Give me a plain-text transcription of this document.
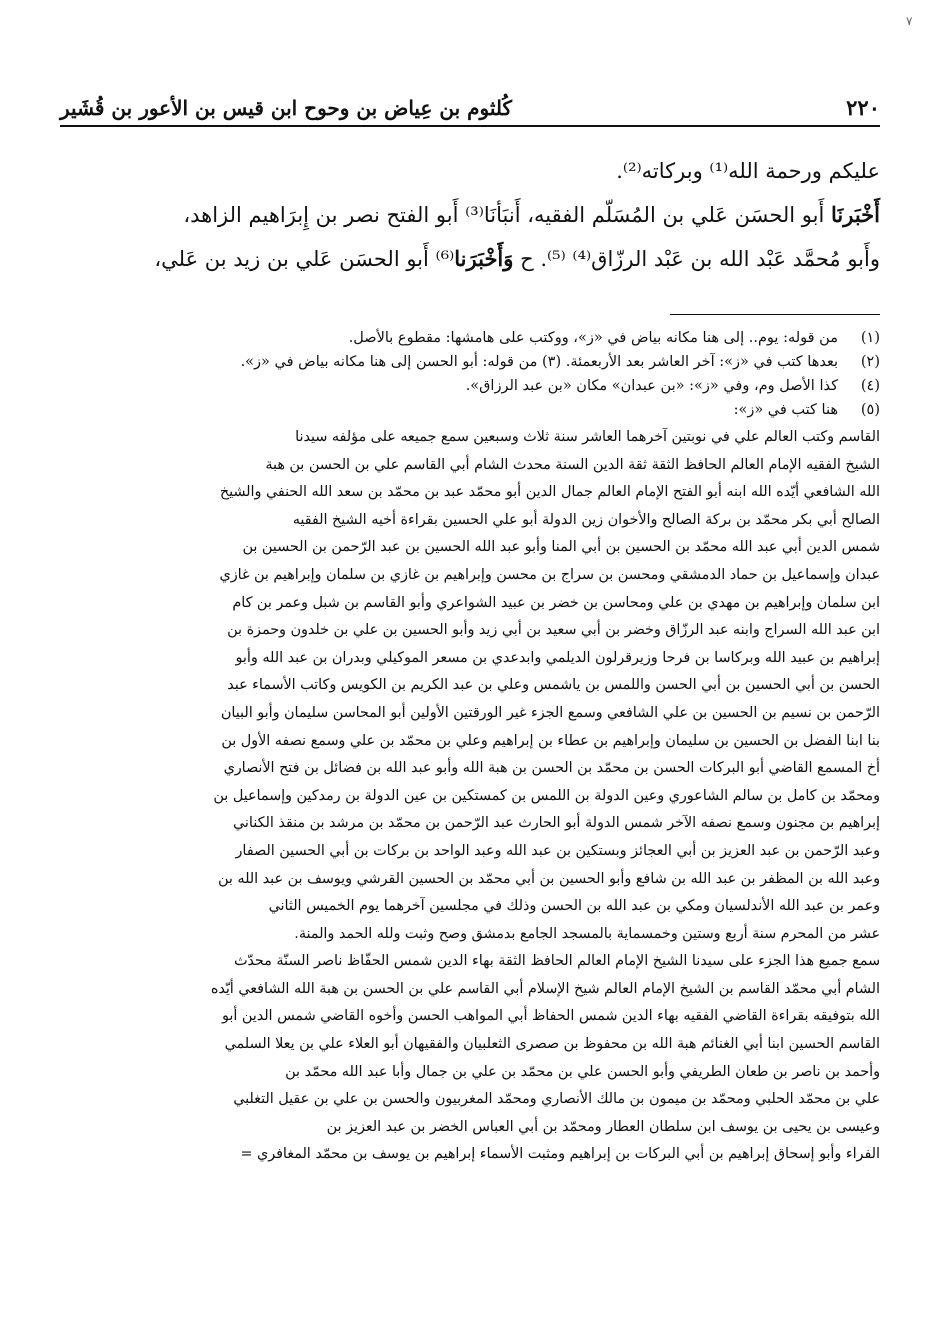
٧
٢٢٠
كُلثوم بن عِياض بن وحوح ابن قيس بن الأعور بن قُشَير

عليكم ورحمة الله⁽¹⁾ وبركاته⁽²⁾.

أَخْبَرنَا أَبو الحسَن عَلي بن المُسَلّم الفقيه، أَنبَأنَا⁽³⁾ أَبو الفتح نصر بن إِبرَاهيم الزاهد،

وأَبو مُحمَّد عَبْد الله بن عَبْد الرزّاق⁽⁴⁾ ⁽⁵⁾. ح وَأَخْبَرَنا⁽⁶⁾ أَبو الحسَن عَلي بن زيد بن عَلي،

(١)
من قوله: يوم.. إلى هنا مكانه بياض في «ز»، ووكتب على هامشها: مقطوع بالأصل.
(٢)
بعدها كتب في «ز»: آخر العاشر بعد الأربعمئة. (٣) من قوله: أبو الحسن إلى هنا مكانه بياض في «ز».
(٤)
كذا الأصل وم، وفي «ز»: «بن عبدان» مكان «بن عبد الرزاق».
(٥)
هنا كتب في «ز»:

القاسم وكتب العالم علي في نوبتين آخرهما العاشر سنة ثلاث وسبعين سمع جميعه على مؤلفه سيدنا

الشيخ الفقيه الإمام العالم الحافظ الثقة ثقة الدين السنة محدث الشام أبي القاسم علي بن الحسن بن هبة

الله الشافعي أيّده الله ابنه أبو الفتح الإمام العالم جمال الدين أبو محمّد عبد بن محمّد بن سعد الله الحنفي والشيخ

الصالح أبي بكر محمّد بن بركة الصالح والأخوان زين الدولة أبو علي الحسين بقراءة أخيه الشيخ الفقيه

شمس الدين أبي عبد الله محمّد بن الحسين بن أبي المنا وأبو عبد الله الحسين بن عبد الرّحمن بن الحسين بن

عبدان وإسماعيل بن حماد الدمشقي ومحسن بن سراج بن محسن وإبراهيم بن غازي بن سلمان وإبراهيم بن غازي

ابن سلمان وإبراهيم بن مهدي بن علي ومحاسن بن خضر بن عبيد الشواعري وأبو القاسم بن شبل وعمر بن كام

ابن عبد الله السراج وابنه عبد الرزّاق وخضر بن أبي سعيد بن أبي زيد وأبو الحسين بن علي بن خلدون وحمزة بن

إبراهيم بن عبيد الله وبركاسا بن فرحا وزيرقرلون الديلمي وابدعدي بن مسعر الموكيلي وبدران بن عبد الله وأبو

الحسن بن أبي الحسين بن أبي الحسن واللمس بن ياشمس وعلي بن عبد الكريم بن الكويس وكاتب الأسماء عبد

الرّحمن بن نسيم بن الحسين بن علي الشافعي وسمع الجزء غير الورقتين الأولين أبو المحاسن سليمان وأبو البيان

بنا ابنا الفضل بن الحسين بن سليمان وإبراهيم بن عطاء بن إبراهيم وعلي بن محمّد بن علي وسمع نصفه الأول بن

أخ المسمع القاضي أبو البركات الحسن بن محمّد بن الحسن بن هبة الله وأبو عبد الله بن فضائل بن فتح الأنصاري

ومحمّد بن كامل بن سالم الشاعوري وعين الدولة بن اللمس بن كمستكين بن عين الدولة بن رمدكين وإسماعيل بن

إبراهيم بن مجنون وسمع نصفه الآخر شمس الدولة أبو الحارث عبد الرّحمن بن محمّد بن مرشد بن منقذ الكناني

وعبد الرّحمن بن عبد العزيز بن أبي العجائز وبستكين بن عبد الله وعبد الواحد بن بركات بن أبي الحسين الصفار

وعبد الله بن المظفر بن عبد الله بن شافع وأبو الحسين بن أبي محمّد بن الحسين القرشي ويوسف بن عبد الله بن

وعمر بن عبد الله الأندلسيان ومكي بن عبد الله بن الحسن وذلك في مجلسين آخرهما يوم الخميس الثاني

عشر من المحرم سنة أربع وستين وخمسماية بالمسجد الجامع بدمشق وصح وثبت ولله الحمد والمنة.

سمع جميع هذا الجزء على سيدنا الشيخ الإمام العالم الحافظ الثقة بهاء الدين شمس الحفّاظ ناصر السنّة محدّث

الشام أبي محمّد القاسم بن الشيخ الإمام العالم شيخ الإسلام أبي القاسم علي بن الحسن بن هبة الله الشافعي أيّده

الله بتوفيقه بقراءة القاضي الفقيه بهاء الدين شمس الحفاظ أبي المواهب الحسن وأخوه القاضي شمس الدين أبو

القاسم الحسين ابنا أبي الغنائم هبة الله بن محفوظ بن صصرى الثعلبيان والفقيهان أبو العلاء علي بن يعلا السلمي

وأحمد بن ناصر بن طعان الطريفي وأبو الحسن علي بن محمّد بن علي بن جمال وأبا عبد الله محمّد بن

علي بن محمّد الحلبي ومحمّد بن ميمون بن مالك الأنصاري ومحمّد المغربيون والحسن بن علي بن عقيل التغلبي

وعيسى بن يحيى بن يوسف ابن سلطان العطار ومحمّد بن أبي العباس الخضر بن عبد العزيز بن

الفراء وأبو إسحاق إبراهيم بن أبي البركات بن إبراهيم ومثبت الأسماء إبراهيم بن يوسف بن محمّد المغافري =
